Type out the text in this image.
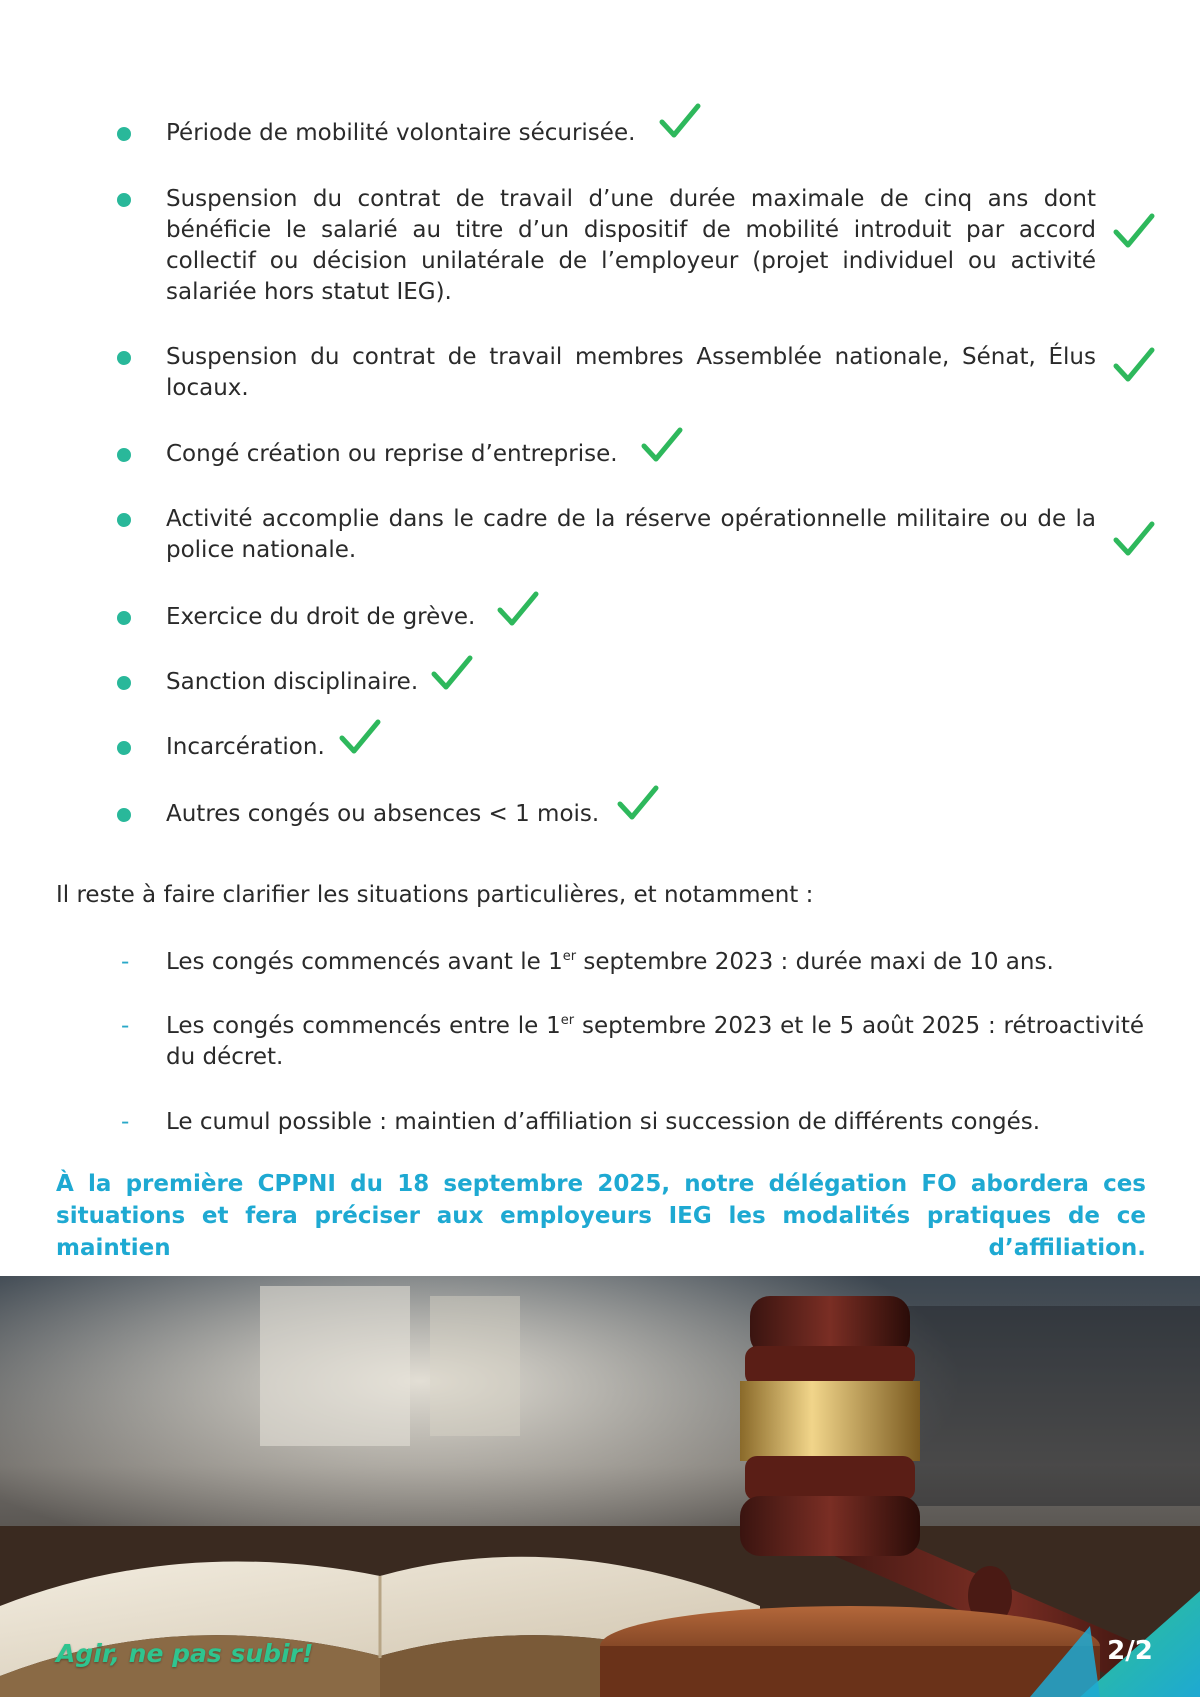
Période de mobilité volontaire sécurisée.
Suspension du contrat de travail d’une durée maximale de cinq ans dont bénéficie le salarié au titre d’un dispositif de mobilité introduit par accord collectif ou décision unilatérale de l’employeur (projet individuel ou activité salariée hors statut IEG).
Suspension du contrat de travail membres Assemblée nationale, Sénat, Élus locaux.
Congé création ou reprise d’entreprise.
Activité accomplie dans le cadre de la réserve opérationnelle militaire ou de la police nationale.
Exercice du droit de grève.
Sanction disciplinaire.
Incarcération.
Autres congés ou absences < 1 mois.
Il reste à faire clarifier les situations particulières, et notamment :
- Les congés commencés avant le 1er septembre 2023 : durée maxi de 10 ans.
- Les congés commencés entre le 1er septembre 2023 et le 5 août 2025 : rétroactivité du décret.
- Le cumul possible : maintien d’affiliation si succession de différents congés.
À la première CPPNI du 18 septembre 2025, notre délégation FO abordera ces situations et fera préciser aux employeurs IEG les modalités pratiques de ce maintien d’affiliation.
Agir, ne pas subir!	2/2
